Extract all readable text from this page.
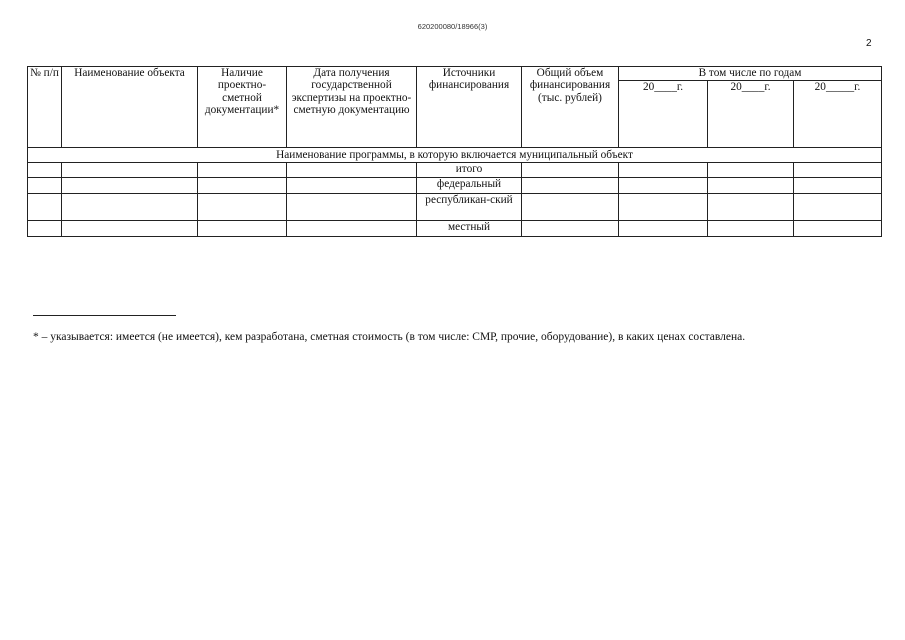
620200080/18966(3)
2
№ п/п	Наименование объекта	Наличие проектно-сметной документации*	Дата получения государственной экспертизы на проектно-сметную документацию	Источники финансирования	Общий объем финансирования (тыс. рублей)	В том числе по годам		
						20____г.	20____г.	20_____г.
Наименование программы, в которую включается муниципальный объект								
				итого				
				федеральный				
				республикан-ский				
				местный				
* – указывается: имеется (не имеется), кем разработана, сметная стоимость (в том числе: СМР, прочие, оборудование), в каких ценах составлена.
